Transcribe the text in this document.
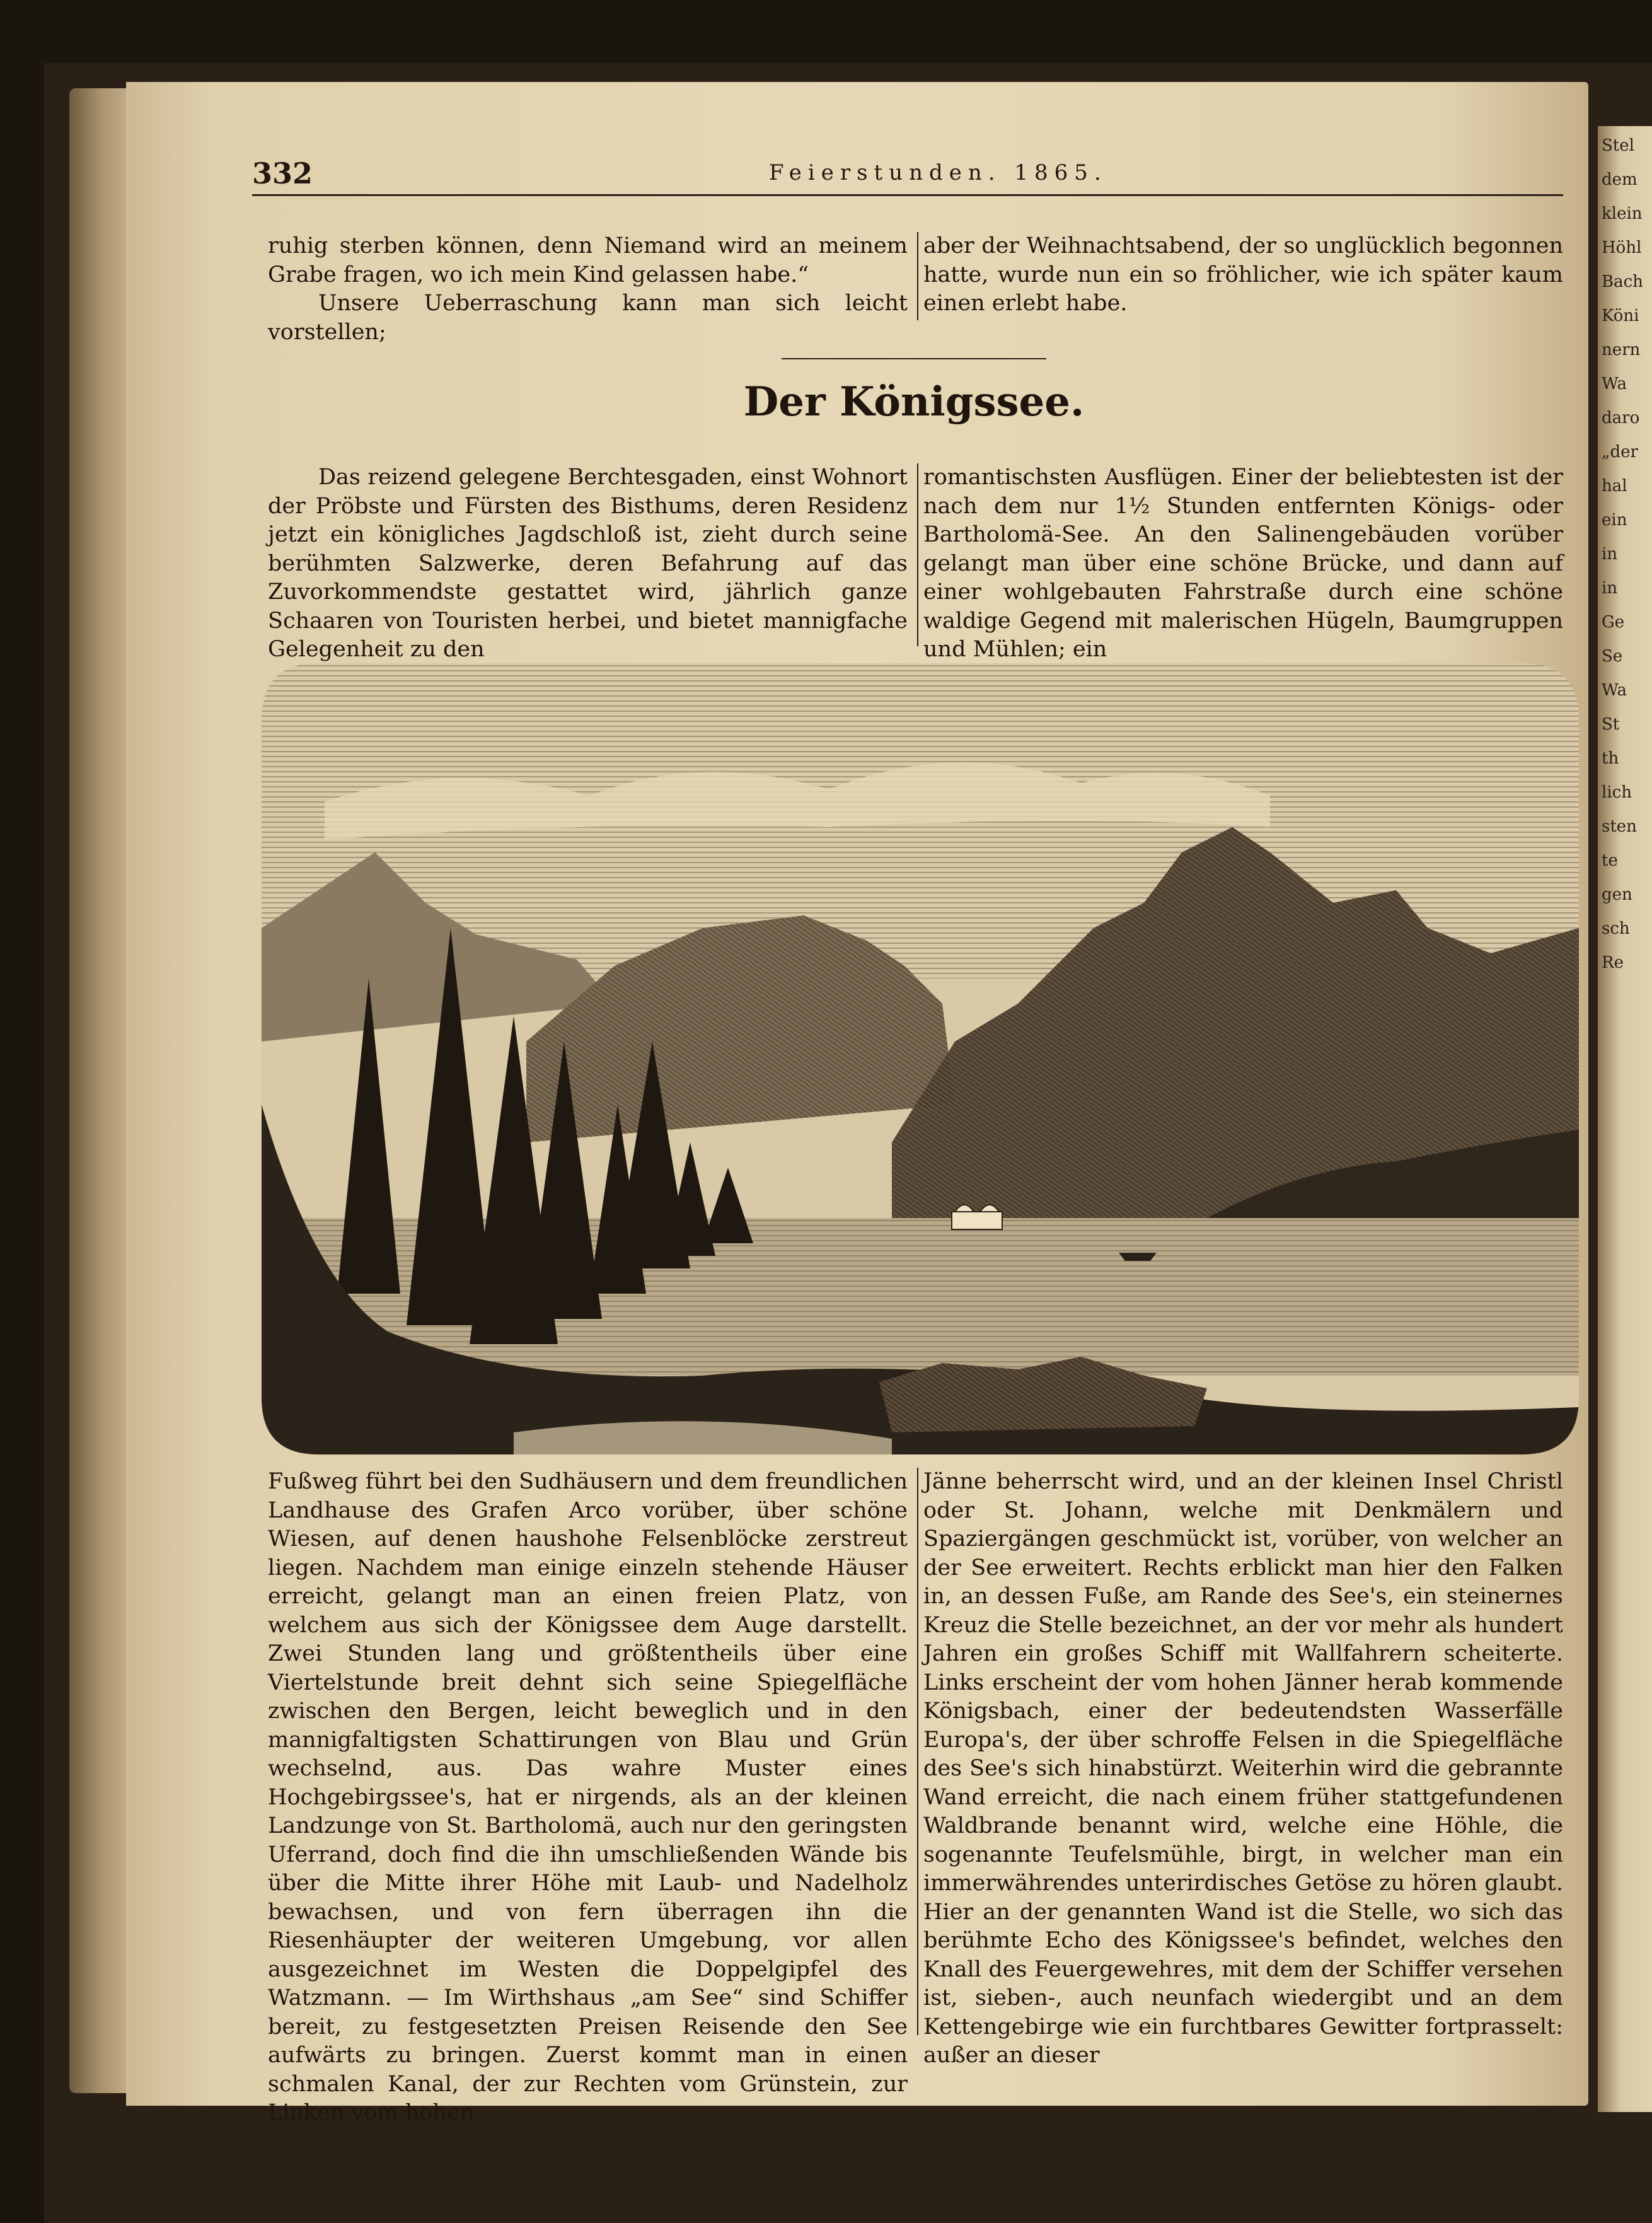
Stel
dem
klein
Höhl
Bach
Köni
nern
Wa
daro
„der
hal
ein
in
in
Ge
Se
Wa
St
th
lich
sten
te
gen
sch
Re
332	Feierstunden. 1865.

ruhig sterben können, denn Niemand wird an meinem Grabe fragen, wo ich mein Kind gelassen habe.“

Unsere Ueberraschung kann man sich leicht vorstellen;

aber der Weihnachtsabend, der so unglücklich begonnen hatte, wurde nun ein so fröhlicher, wie ich später kaum einen erlebt habe.

Der Königssee.

Das reizend gelegene Berchtesgaden, einst Wohnort der Pröbste und Fürsten des Bisthums, deren Residenz jetzt ein königliches Jagdschloß ist, zieht durch seine berühmten Salzwerke, deren Befahrung auf das Zuvorkommendste gestattet wird, jährlich ganze Schaaren von Touristen herbei, und bietet mannigfache Gelegenheit zu den

romantischsten Ausflügen. Einer der beliebtesten ist der nach dem nur 1½ Stunden entfernten Königs- oder Bartholomä-See. An den Salinengebäuden vorüber gelangt man über eine schöne Brücke, und dann auf einer wohlgebauten Fahrstraße durch eine schöne waldige Gegend mit malerischen Hügeln, Baumgruppen und Mühlen; ein

Fußweg führt bei den Sudhäusern und dem freundlichen Landhause des Grafen Arco vorüber, über schöne Wiesen, auf denen haushohe Felsenblöcke zerstreut liegen. Nachdem man einige einzeln stehende Häuser erreicht, gelangt man an einen freien Platz, von welchem aus sich der Königssee dem Auge darstellt. Zwei Stunden lang und größtentheils über eine Viertelstunde breit dehnt sich seine Spiegelfläche zwischen den Bergen, leicht beweglich und in den mannigfaltigsten Schattirungen von Blau und Grün wechselnd, aus. Das wahre Muster eines Hochgebirgssee's, hat er nirgends, als an der kleinen Landzunge von St. Bartholomä, auch nur den geringsten Uferrand, doch find die ihn umschließenden Wände bis über die Mitte ihrer Höhe mit Laub- und Nadelholz bewachsen, und von fern überragen ihn die Riesenhäupter der weiteren Umgebung, vor allen ausgezeichnet im Westen die Doppelgipfel des Watzmann. — Im Wirthshaus „am See“ sind Schiffer bereit, zu festgesetzten Preisen Reisende den See aufwärts zu bringen. Zuerst kommt man in einen schmalen Kanal, der zur Rechten vom Grünstein, zur Linken vom hohen

Jänne beherrscht wird, und an der kleinen Insel Christl oder St. Johann, welche mit Denkmälern und Spaziergängen geschmückt ist, vorüber, von welcher an der See erweitert. Rechts erblickt man hier den Falken in, an dessen Fuße, am Rande des See's, ein steinernes Kreuz die Stelle bezeichnet, an der vor mehr als hundert Jahren ein großes Schiff mit Wallfahrern scheiterte. Links erscheint der vom hohen Jänner herab kommende Königsbach, einer der bedeutendsten Wasserfälle Europa's, der über schroffe Felsen in die Spiegelfläche des See's sich hinabstürzt. Weiterhin wird die gebrannte Wand erreicht, die nach einem früher stattgefundenen Waldbrande benannt wird, welche eine Höhle, die sogenannte Teufelsmühle, birgt, in welcher man ein immerwährendes unterirdisches Getöse zu hören glaubt. Hier an der genannten Wand ist die Stelle, wo sich das berühmte Echo des Königssee's befindet, welches den Knall des Feuergewehres, mit dem der Schiffer versehen ist, sieben-, auch neunfach wiedergibt und an dem Kettengebirge wie ein furchtbares Gewitter fortprasselt: außer an dieser
